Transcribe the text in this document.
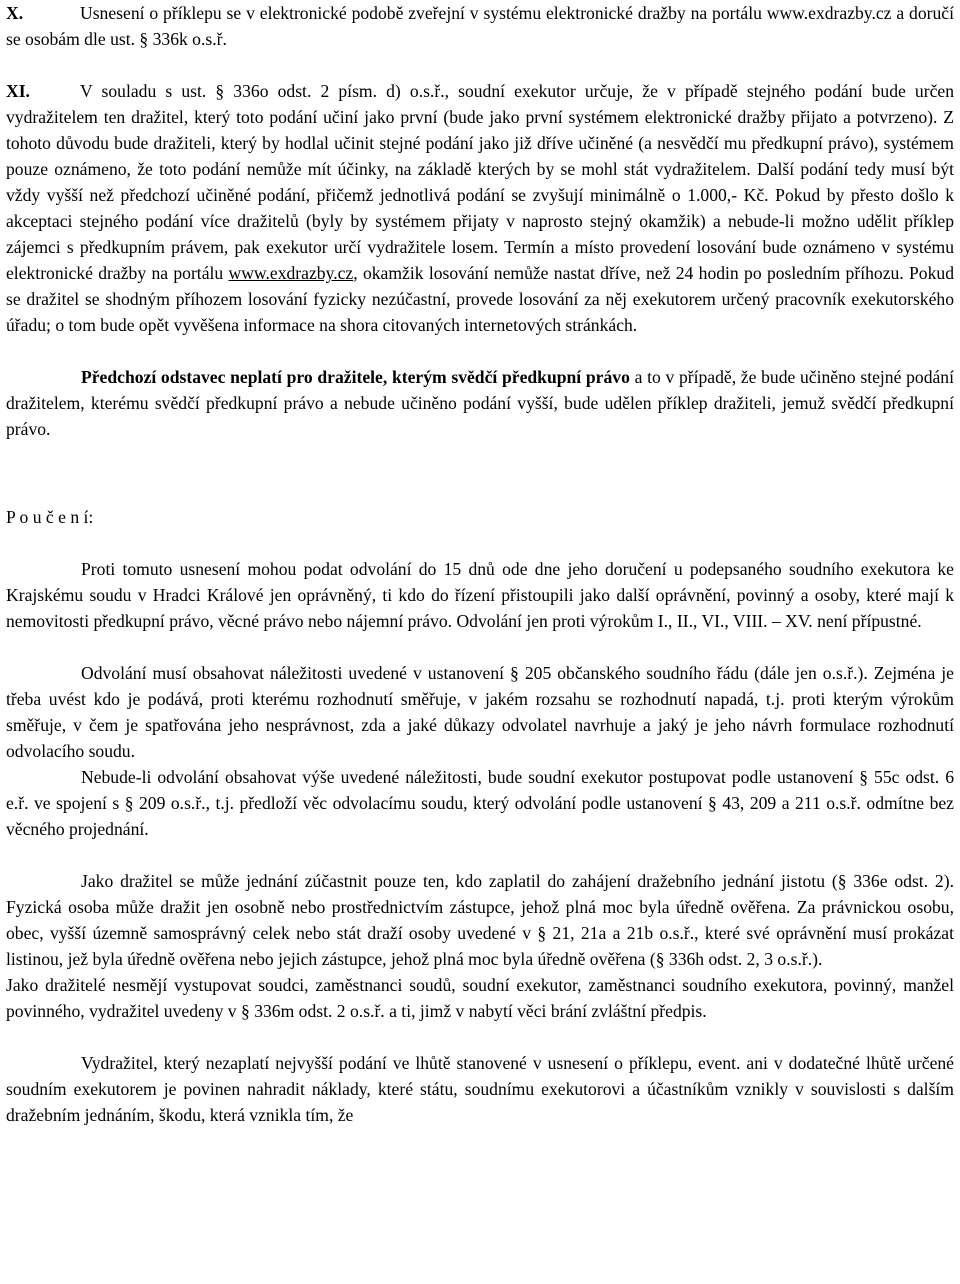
X.	Usnesení o příklepu se v elektronické podobě zveřejní v systému elektronické dražby na portálu www.exdrazby.cz a doručí se osobám dle ust. § 336k o.s.ř.

XI.	V souladu s ust. § 336o odst. 2 písm. d) o.s.ř., soudní exekutor určuje, že v případě stejného podání bude určen vydražitelem ten dražitel, který toto podání učiní jako první (bude jako první systémem elektronické dražby přijato a potvrzeno). Z tohoto důvodu bude dražiteli, který by hodlal učinit stejné podání jako již dříve učiněné (a nesvědčí mu předkupní právo), systémem pouze oznámeno, že toto podání nemůže mít účinky, na základě kterých by se mohl stát vydražitelem. Další podání tedy musí být vždy vyšší než předchozí učiněné podání, přičemž jednotlivá podání se zvyšují minimálně o 1.000,- Kč. Pokud by přesto došlo k akceptaci stejného podání více dražitelů (byly by systémem přijaty v naprosto stejný okamžik) a nebude-li možno udělit příklep zájemci s předkupním právem, pak exekutor určí vydražitele losem. Termín a místo provedení losování bude oznámeno v systému elektronické dražby na portálu www.exdrazby.cz, okamžik losování nemůže nastat dříve, než 24 hodin po posledním příhozu. Pokud se dražitel se shodným příhozem losování fyzicky nezúčastní, provede losování za něj exekutorem určený pracovník exekutorského úřadu; o tom bude opět vyvěšena informace na shora citovaných internetových stránkách.

Předchozí odstavec neplatí pro dražitele, kterým svědčí předkupní právo a to v případě, že bude učiněno stejné podání dražitelem, kterému svědčí předkupní právo a nebude učiněno podání vyšší, bude udělen příklep dražiteli, jemuž svědčí předkupní právo.

P o u č e n í:

Proti tomuto usnesení mohou podat odvolání do 15 dnů ode dne jeho doručení u podepsaného soudního exekutora ke Krajskému soudu v Hradci Králové jen oprávněný, ti kdo do řízení přistoupili jako další oprávnění, povinný a osoby, které mají k nemovitosti předkupní právo, věcné právo nebo nájemní právo. Odvolání jen proti výrokům I., II., VI., VIII. – XV. není přípustné.

Odvolání musí obsahovat náležitosti uvedené v ustanovení § 205 občanského soudního řádu (dále jen o.s.ř.). Zejména je třeba uvést kdo je podává, proti kterému rozhodnutí směřuje, v jakém rozsahu se rozhodnutí napadá, t.j. proti kterým výrokům směřuje, v čem je spatřována jeho nesprávnost, zda a jaké důkazy odvolatel navrhuje a jaký je jeho návrh formulace rozhodnutí odvolacího soudu.

Nebude-li odvolání obsahovat výše uvedené náležitosti, bude soudní exekutor postupovat podle ustanovení § 55c odst. 6 e.ř. ve spojení s § 209 o.s.ř., t.j. předloží věc odvolacímu soudu, který odvolání podle ustanovení § 43, 209 a 211 o.s.ř. odmítne bez věcného projednání.

Jako dražitel se může jednání zúčastnit pouze ten, kdo zaplatil do zahájení dražebního jednání jistotu (§ 336e odst. 2). Fyzická osoba může dražit jen osobně nebo prostřednictvím zástupce, jehož plná moc byla úředně ověřena. Za právnickou osobu, obec, vyšší územně samosprávný celek nebo stát draží osoby uvedené v § 21, 21a a 21b o.s.ř., které své oprávnění musí prokázat listinou, jež byla úředně ověřena nebo jejich zástupce, jehož plná moc byla úředně ověřena (§ 336h odst. 2, 3 o.s.ř.).

Jako dražitelé nesmějí vystupovat soudci, zaměstnanci soudů, soudní exekutor, zaměstnanci soudního exekutora, povinný, manžel povinného, vydražitel uvedeny v § 336m odst. 2 o.s.ř. a ti, jimž v nabytí věci brání zvláštní předpis.

Vydražitel, který nezaplatí nejvyšší podání ve lhůtě stanovené v usnesení o příklepu, event. ani v dodatečné lhůtě určené soudním exekutorem je povinen nahradit náklady, které státu, soudnímu exekutorovi a účastníkům vznikly v souvislosti s dalším dražebním jednáním, škodu, která vznikla tím, že
